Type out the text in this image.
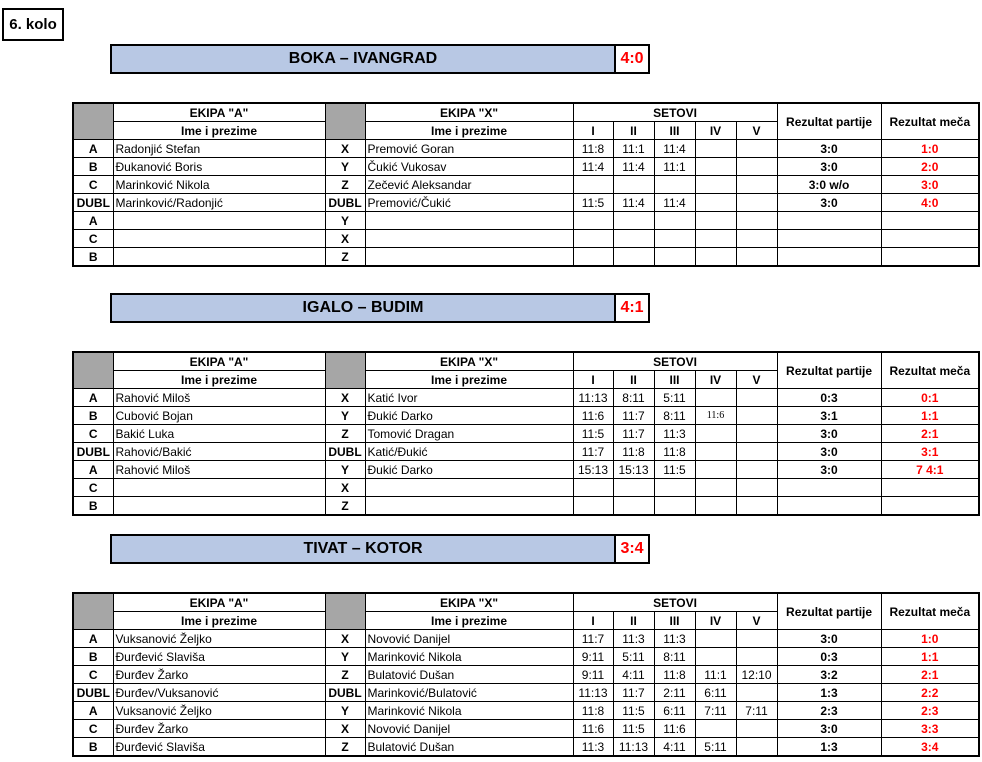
6. kolo
BOKA – IVANGRAD	4:0
	EKIPA "A"		EKIPA "X"	SETOVI					Rezultat partije	Rezultat meča
	Ime i prezime		Ime i prezime	I	II	III	IV	V		
A	Radonjić Stefan	X	Premović Goran	11:8	11:1	11:4			3:0	1:0
B	Đukanović Boris	Y	Čukić Vukosav	11:4	11:4	11:1			3:0	2:0
C	Marinković Nikola	Z	Zečević Aleksandar						3:0 w/o	3:0
DUBL	Marinković/Radonjić	DUBL	Premović/Čukić	11:5	11:4	11:4			3:0	4:0
A		Y								
C		X								
B		Z								
IGALO – BUDIM	4:1
	EKIPA "A"		EKIPA "X"	SETOVI					Rezultat partije	Rezultat meča
	Ime i prezime		Ime i prezime	I	II	III	IV	V		
A	Rahović Miloš	X	Katić Ivor	11:13	8:11	5:11			0:3	0:1
B	Cubović Bojan	Y	Đukić Darko	11:6	11:7	8:11	11:6		3:1	1:1
C	Bakić Luka	Z	Tomović Dragan	11:5	11:7	11:3			3:0	2:1
DUBL	Rahović/Bakić	DUBL	Katić/Đukić	11:7	11:8	11:8			3:0	3:1
A	Rahović Miloš	Y	Đukić Darko	15:13	15:13	11:5			3:0	7 4:1
C		X								
B		Z								
TIVAT – KOTOR	3:4
	EKIPA "A"		EKIPA "X"	SETOVI					Rezultat partije	Rezultat meča
	Ime i prezime		Ime i prezime	I	II	III	IV	V		
A	Vuksanović Željko	X	Novović Danijel	11:7	11:3	11:3			3:0	1:0
B	Đurđević Slaviša	Y	Marinković Nikola	9:11	5:11	8:11			0:3	1:1
C	Đurđev Žarko	Z	Bulatović Dušan	9:11	4:11	11:8	11:1	12:10	3:2	2:1
DUBL	Đurđev/Vuksanović	DUBL	Marinković/Bulatović	11:13	11:7	2:11	6:11		1:3	2:2
A	Vuksanović Željko	Y	Marinković Nikola	11:8	11:5	6:11	7:11	7:11	2:3	2:3
C	Đurđev Žarko	X	Novović Danijel	11:6	11:5	11:6			3:0	3:3
B	Đurđević Slaviša	Z	Bulatović Dušan	11:3	11:13	4:11	5:11		1:3	3:4
